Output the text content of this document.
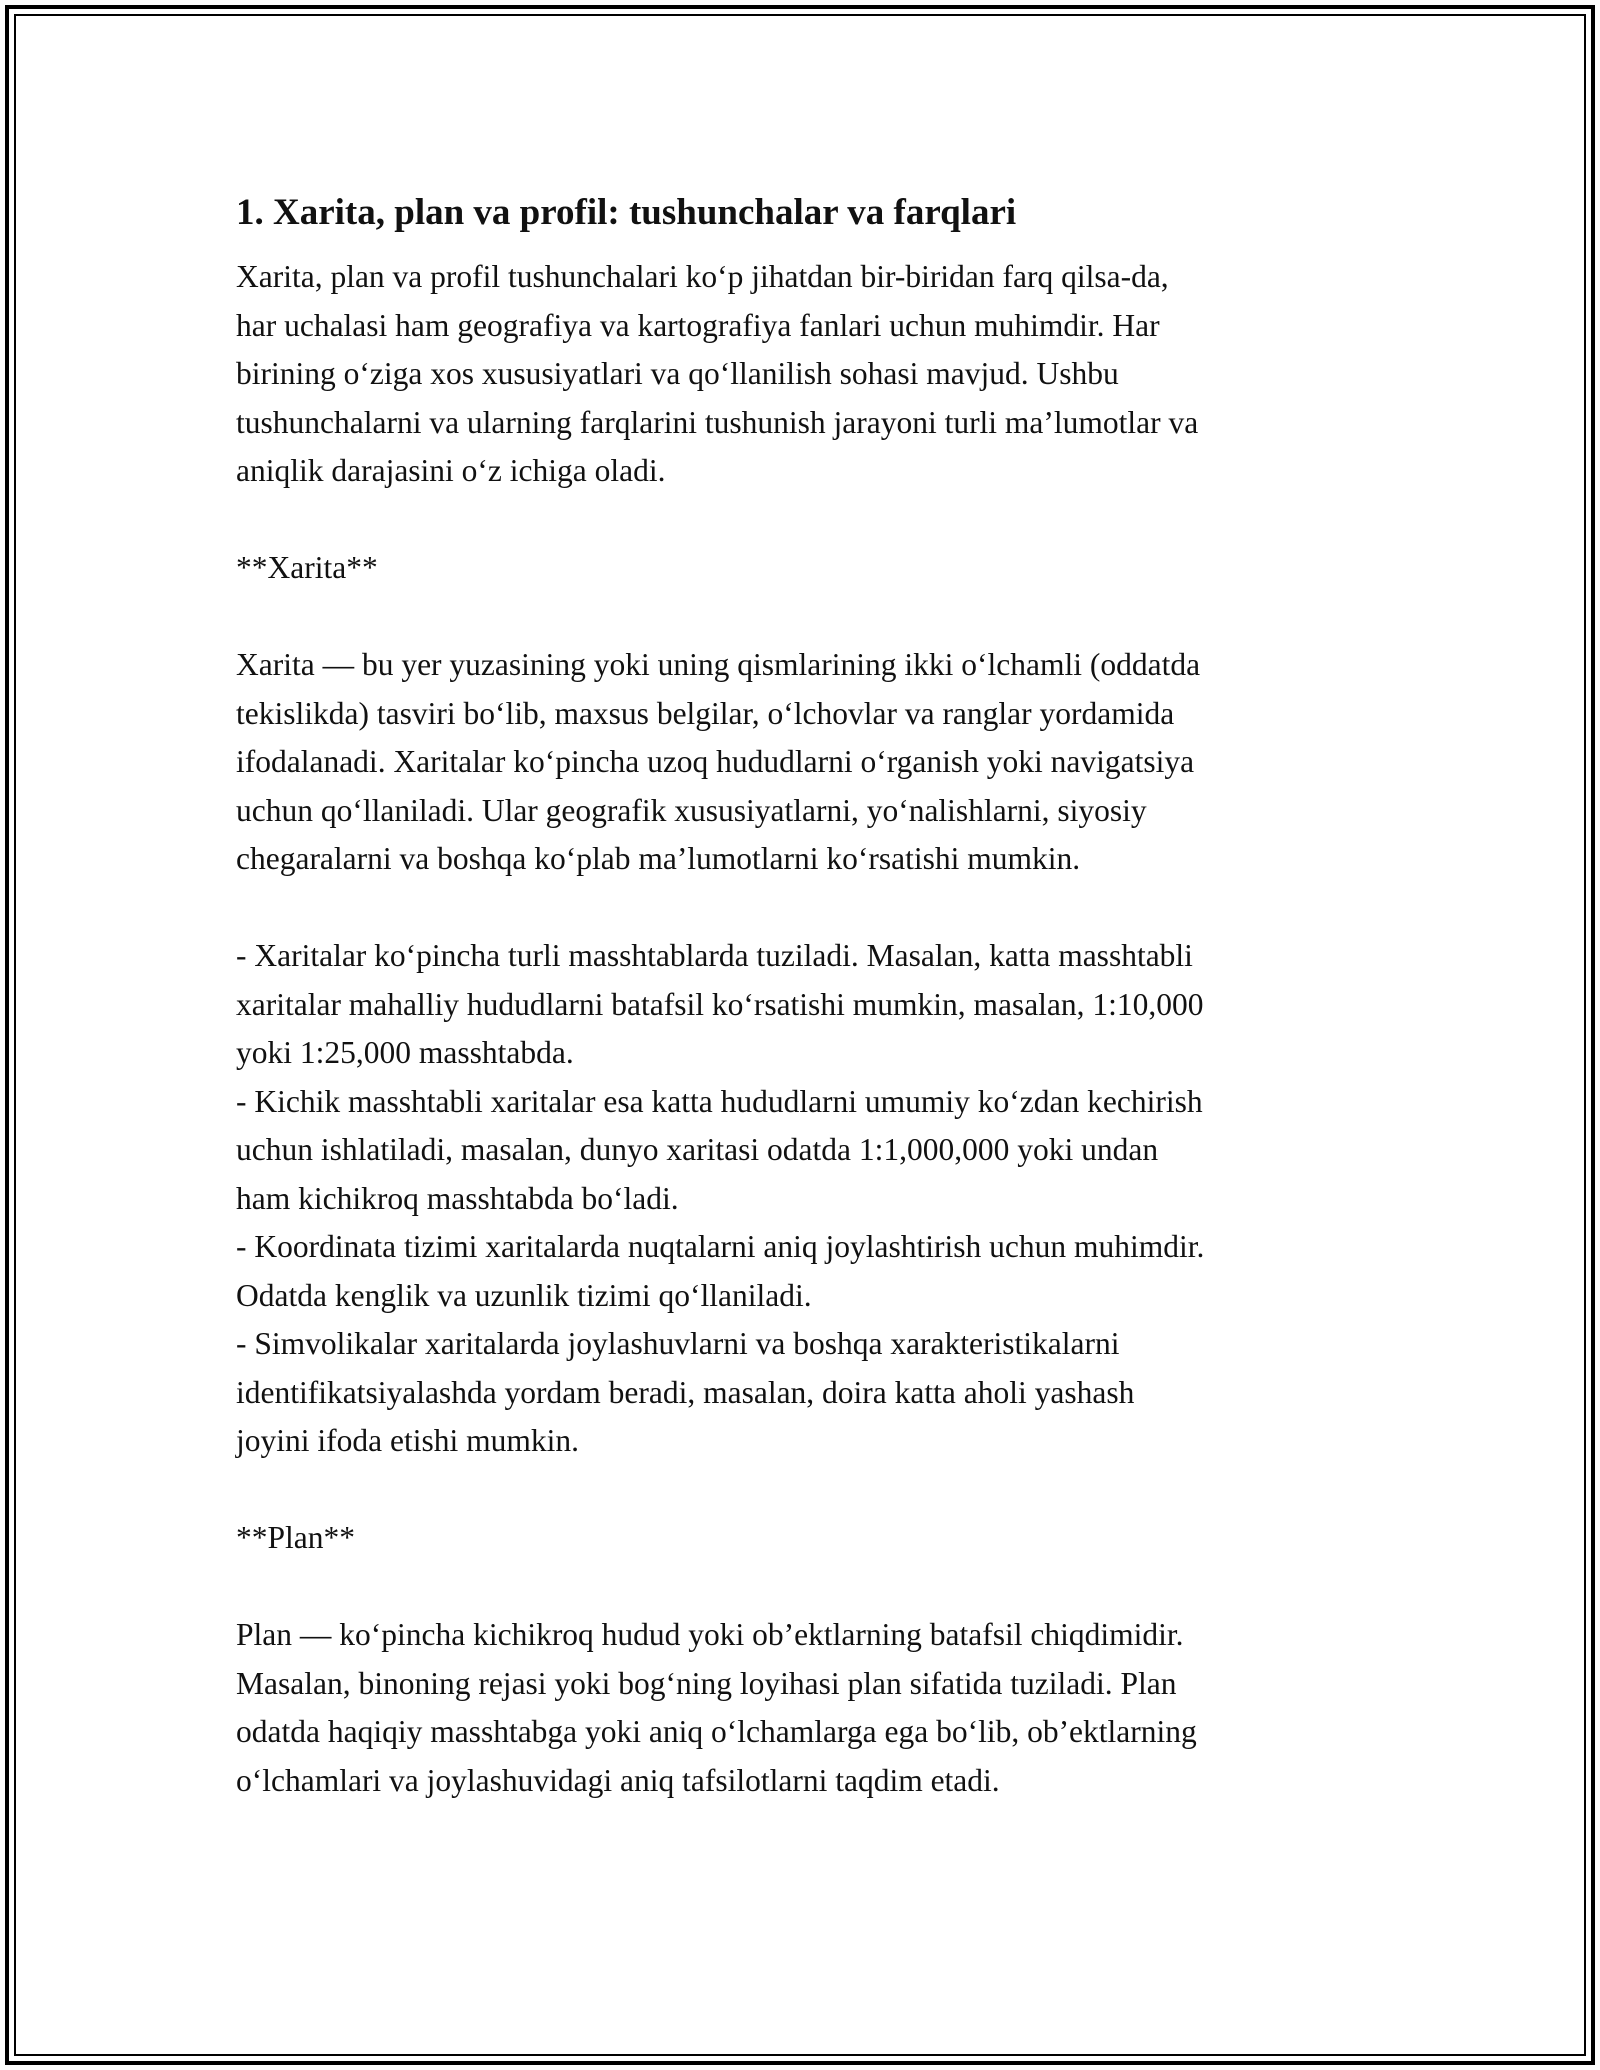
1. Xarita, plan va profil: tushunchalar va farqlari
Xarita, plan va profil tushunchalari ko‘p jihatdan bir-biridan farq qilsa-da,
har uchalasi ham geografiya va kartografiya fanlari uchun muhimdir. Har
birining o‘ziga xos xususiyatlari va qo‘llanilish sohasi mavjud. Ushbu
tushunchalarni va ularning farqlarini tushunish jarayoni turli ma’lumotlar va
aniqlik darajasini o‘z ichiga oladi.
**Xarita**
Xarita — bu yer yuzasining yoki uning qismlarining ikki o‘lchamli (oddatda
tekislikda) tasviri bo‘lib, maxsus belgilar, o‘lchovlar va ranglar yordamida
ifodalanadi. Xaritalar ko‘pincha uzoq hududlarni o‘rganish yoki navigatsiya
uchun qo‘llaniladi. Ular geografik xususiyatlarni, yo‘nalishlarni, siyosiy
chegaralarni va boshqa ko‘plab ma’lumotlarni ko‘rsatishi mumkin.
- Xaritalar ko‘pincha turli masshtablarda tuziladi. Masalan, katta masshtabli
xaritalar mahalliy hududlarni batafsil ko‘rsatishi mumkin, masalan, 1:10,000
yoki 1:25,000 masshtabda.
- Kichik masshtabli xaritalar esa katta hududlarni umumiy ko‘zdan kechirish
uchun ishlatiladi, masalan, dunyo xaritasi odatda 1:1,000,000 yoki undan
ham kichikroq masshtabda bo‘ladi.
- Koordinata tizimi xaritalarda nuqtalarni aniq joylashtirish uchun muhimdir.
Odatda kenglik va uzunlik tizimi qo‘llaniladi.
- Simvolikalar xaritalarda joylashuvlarni va boshqa xarakteristikalarni
identifikatsiyalashda yordam beradi, masalan, doira katta aholi yashash
joyini ifoda etishi mumkin.
**Plan**
Plan — ko‘pincha kichikroq hudud yoki ob’ektlarning batafsil chiqdimidir.
Masalan, binoning rejasi yoki bog‘ning loyihasi plan sifatida tuziladi. Plan
odatda haqiqiy masshtabga yoki aniq o‘lchamlarga ega bo‘lib, ob’ektlarning
o‘lchamlari va joylashuvidagi aniq tafsilotlarni taqdim etadi.
